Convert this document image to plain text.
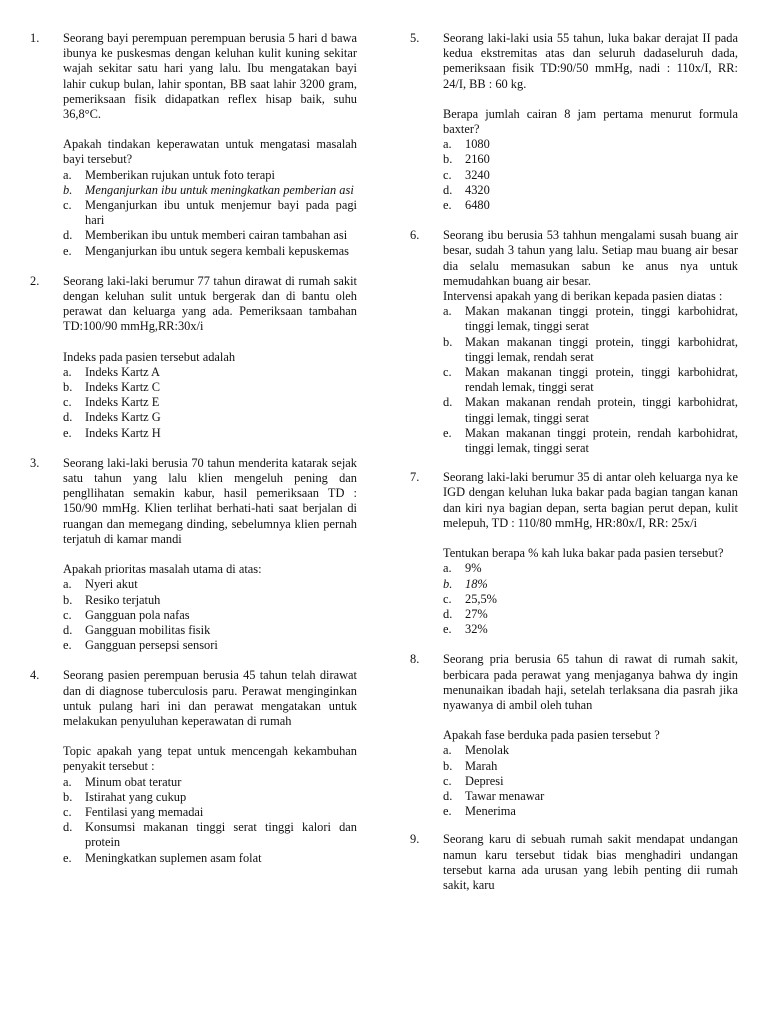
1. Seorang bayi perempuan perempuan berusia 5 hari d bawa ibunya ke puskesmas dengan keluhan kulit kuning sekitar wajah sekitar satu hari yang lalu. Ibu mengatakan bayi lahir cukup bulan, lahir spontan, BB saat lahir 3200 gram, pemeriksaan fisik didapatkan reflex hisap baik, suhu 36,8°C.
Apakah tindakan keperawatan untuk mengatasi masalah bayi tersebut?
a. Memberikan rujukan untuk foto terapi
b. Menganjurkan ibu untuk meningkatkan pemberian asi
c. Menganjurkan ibu untuk menjemur bayi pada pagi hari
d. Memberikan ibu untuk memberi cairan tambahan asi
e. Menganjurkan ibu untuk segera kembali kepuskemas
2. Seorang laki-laki berumur 77 tahun dirawat di rumah sakit dengan keluhan sulit untuk bergerak dan di bantu oleh perawat dan keluarga yang ada. Pemeriksaan tambahan TD:100/90 mmHg,RR:30x/i
Indeks pada pasien tersebut adalah
a. Indeks Kartz A
b. Indeks Kartz C
c. Indeks Kartz E
d. Indeks Kartz G
e. Indeks Kartz H
3. Seorang laki-laki berusia 70 tahun menderita katarak sejak satu tahun yang lalu klien mengeluh pening dan pengllihatan semakin kabur, hasil pemeriksaan TD : 150/90 mmHg. Klien terlihat berhati-hati saat berjalan di ruangan dan memegang dinding, sebelumnya klien pernah terjatuh di kamar mandi
Apakah prioritas masalah utama di atas:
a. Nyeri akut
b. Resiko terjatuh
c. Gangguan pola nafas
d. Gangguan mobilitas fisik
e. Gangguan persepsi sensori
4. Seorang pasien perempuan berusia 45 tahun telah dirawat dan di diagnose tuberculosis paru. Perawat menginginkan untuk pulang hari ini dan perawat mengatakan untuk melakukan penyuluhan keperawatan di rumah
Topic apakah yang tepat untuk mencengah kekambuhan penyakit tersebut :
a. Minum obat teratur
b. Istirahat yang cukup
c. Fentilasi yang memadai
d. Konsumsi makanan tinggi serat tinggi kalori dan protein
e. Meningkatkan suplemen asam folat
5. Seorang laki-laki usia 55 tahun, luka bakar derajat II pada kedua ekstremitas atas dan seluruh dadaseluruh dada, pemeriksaan fisik TD:90/50 mmHg, nadi : 110x/I, RR: 24/I, BB : 60 kg.
Berapa jumlah cairan 8 jam pertama menurut formula baxter?
a. 1080
b. 2160
c. 3240
d. 4320
e. 6480
6. Seorang ibu berusia 53 tahhun mengalami susah buang air besar, sudah 3 tahun yang lalu. Setiap mau buang air besar dia selalu memasukan sabun ke anus nya untuk memudahkan buang air besar.
Intervensi apakah yang di berikan kepada pasien diatas :
a. Makan makanan tinggi protein, tinggi karbohidrat, tinggi lemak, tinggi serat
b. Makan makanan tinggi protein, tinggi karbohidrat, tinggi lemak, rendah serat
c. Makan makanan tinggi protein, tinggi karbohidrat, rendah lemak, tinggi serat
d. Makan makanan rendah protein, tinggi karbohidrat, tinggi lemak, tinggi serat
e. Makan makanan tinggi protein, rendah karbohidrat, tinggi lemak, tinggi serat
7. Seorang laki-laki berumur 35 di antar oleh keluarga nya ke IGD dengan keluhan luka bakar pada bagian tangan kanan dan kiri nya bagian depan, serta bagian perut depan, kulit melepuh, TD : 110/80 mmHg, HR:80x/I, RR: 25x/i
Tentukan berapa % kah luka bakar pada pasien tersebut?
a. 9%
b. 18%
c. 25,5%
d. 27%
e. 32%
8. Seorang pria berusia 65 tahun di rawat di rumah sakit, berbicara pada perawat yang menjaganya bahwa dy ingin menunaikan ibadah haji, setelah terlaksana dia pasrah jika nyawanya di ambil oleh tuhan
Apakah fase berduka pada pasien tersebut ?
a. Menolak
b. Marah
c. Depresi
d. Tawar menawar
e. Menerima
9. Seorang karu di sebuah rumah sakit mendapat undangan namun karu tersebut tidak bias menghadiri undangan tersebut karna ada urusan yang lebih penting dii rumah sakit, karu
